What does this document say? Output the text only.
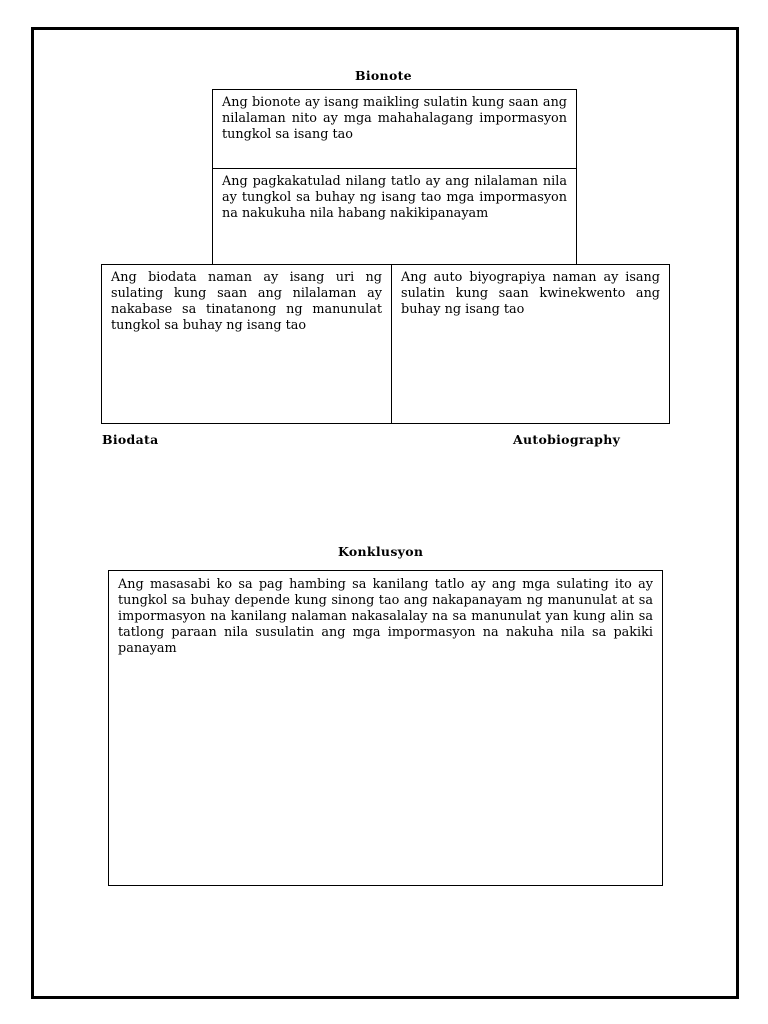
Bionote

Ang bionote ay isang maikling sulatin kung saan ang nilalaman nito ay mga mahahalagang impormasyon tungkol sa isang tao

Ang pagkakatulad nilang tatlo ay ang nilalaman nila ay tungkol sa buhay ng isang tao mga impormasyon na nakukuha nila habang nakikipanayam

Ang biodata naman ay isang uri ng sulating kung saan ang nilalaman ay nakabase sa tinatanong ng manunulat tungkol sa buhay ng isang tao

Ang auto biyograpiya naman ay isang sulatin kung saan kwinekwento ang buhay ng isang tao

Biodata	Autobiography
Konklusyon

Ang masasabi ko sa pag hambing sa kanilang tatlo ay ang mga sulating ito ay tungkol sa buhay depende kung sinong tao ang nakapanayam ng manunulat at sa impormasyon na kanilang nalaman nakasalalay na sa manunulat yan kung alin sa tatlong paraan nila susulatin ang mga impormasyon na nakuha nila sa pakiki panayam
